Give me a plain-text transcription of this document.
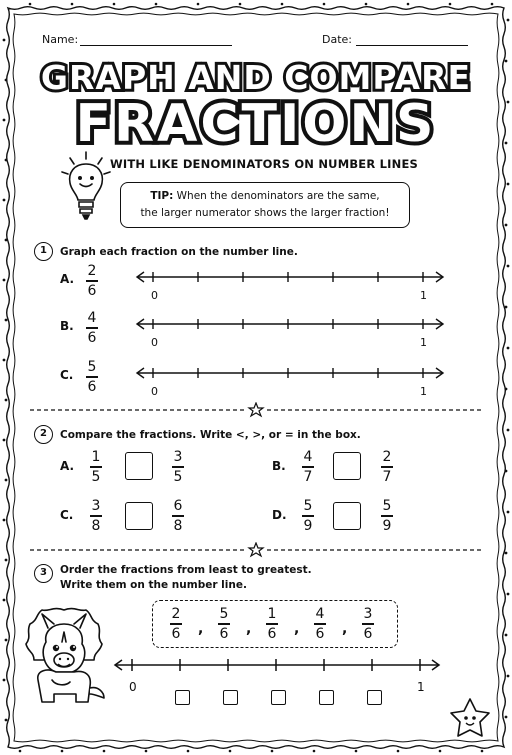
Name:	Date:
GRAPH AND COMPARE
FRACTIONS
WITH LIKE DENOMINATORS ON NUMBER LINES
TIP: When the denominators are the same,
the larger numerator shows the larger fraction!
1	Graph each fraction on the number line.
A. 2
6	0	1
B. 4
6	0	1
C. 5
6	0	1
2	Compare the fractions. Write <, >, or = in the box.
A.
1
5
3
5
B.
4
7
2
7
C.
3
8
6
8
D.
5
9
5
9
3	Order the fractions from least to greatest.
Write them on the number line.
2
6 ,
5
6 ,
1
6 ,
4
6 ,
3
6
0	1
